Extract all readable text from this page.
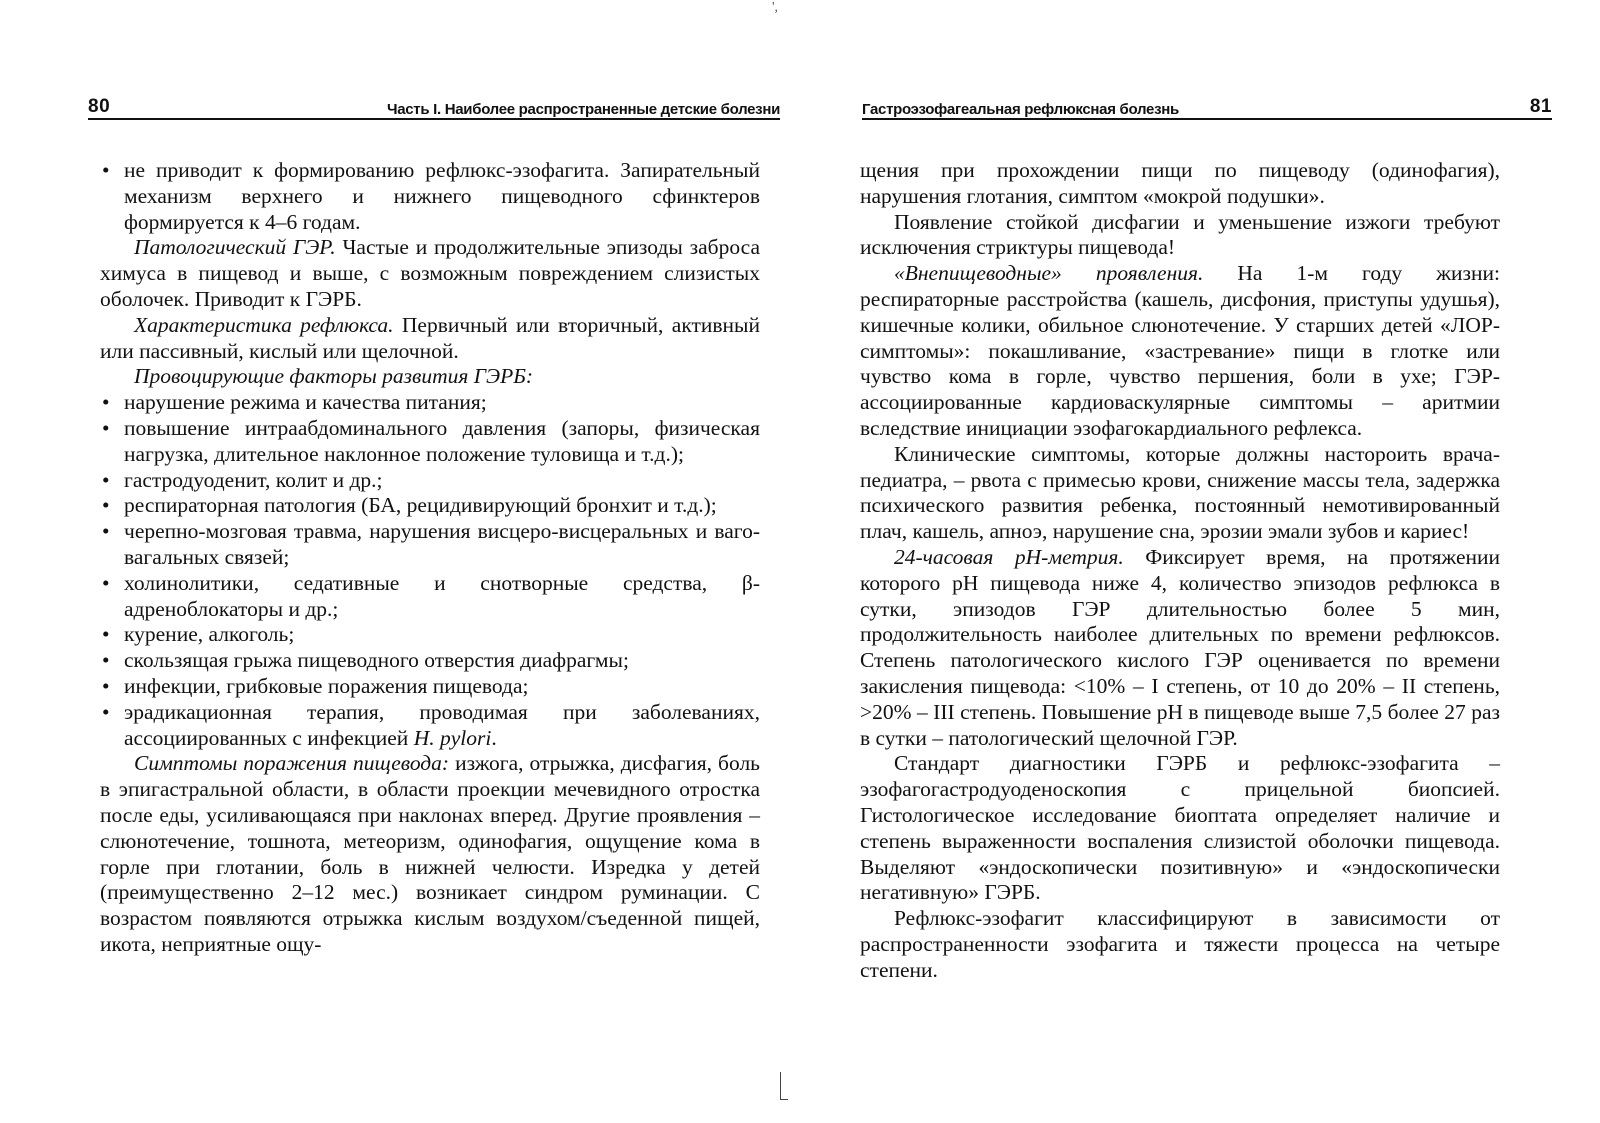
',
80	Часть I. Наиболее распространенные детские болезни
• не приводит к формированию рефлюкс-эзофагита. Запирательный механизм верхнего и нижнего пищеводного сфинктеров формируется к 4–6 годам.

Патологический ГЭР. Частые и продолжительные эпизоды заброса химуса в пищевод и выше, с возможным повреждением слизистых оболочек. Приводит к ГЭРБ.

Характеристика рефлюкса. Первичный или вторичный, активный или пассивный, кислый или щелочной.

Провоцирующие факторы развития ГЭРБ:

• нарушение режима и качества питания;
• повышение интраабдоминального давления (запоры, физическая нагрузка, длительное наклонное положение туловища и т.д.);
• гастродуоденит, колит и др.;
• респираторная патология (БА, рецидивирующий бронхит и т.д.);
• черепно-мозговая травма, нарушения висцеро-висцеральных и ваго-вагальных связей;
• холинолитики, седативные и снотворные средства, β-адреноблокаторы и др.;
• курение, алкоголь;
• скользящая грыжа пищеводного отверстия диафрагмы;
• инфекции, грибковые поражения пищевода;
• эрадикационная терапия, проводимая при заболеваниях, ассоциированных с инфекцией H. pylori.

Симптомы поражения пищевода: изжога, отрыжка, дисфагия, боль в эпигастральной области, в области проекции мечевидного отростка после еды, усиливающаяся при наклонах вперед. Другие проявления – слюнотечение, тошнота, метеоризм, одинофагия, ощущение кома в горле при глотании, боль в нижней челюсти. Изредка у детей (преимущественно 2–12 мес.) возникает синдром руминации. С возрастом появляются отрыжка кислым воздухом/съеденной пищей, икота, неприятные ощу-

Гастроэзофагеальная рефлюксная болезнь	81

щения при прохождении пищи по пищеводу (одинофагия), нарушения глотания, симптом «мокрой подушки».

Появление стойкой дисфагии и уменьшение изжоги требуют исключения стриктуры пищевода!

«Внепищеводные» проявления. На 1-м году жизни: респираторные расстройства (кашель, дисфония, приступы удушья), кишечные колики, обильное слюнотечение. У старших детей «ЛОР-симптомы»: покашливание, «застревание» пищи в глотке или чувство кома в горле, чувство першения, боли в ухе; ГЭР-ассоциированные кардиоваскулярные симптомы – аритмии вследствие инициации эзофагокардиального рефлекса.

Клинические симптомы, которые должны настороить врача-педиатра, – рвота с примесью крови, снижение массы тела, задержка психического развития ребенка, постоянный немотивированный плач, кашель, апноэ, нарушение сна, эрозии эмали зубов и кариес!

24-часовая pH-метрия. Фиксирует время, на протяжении которого pH пищевода ниже 4, количество эпизодов рефлюкса в сутки, эпизодов ГЭР длительностью более 5 мин, продолжительность наиболее длительных по времени рефлюксов. Степень патологического кислого ГЭР оценивается по времени закисления пищевода: <10% – I степень, от 10 до 20% – II степень, >20% – III степень. Повышение pH в пищеводе выше 7,5 более 27 раз в сутки – патологический щелочной ГЭР.

Стандарт диагностики ГЭРБ и рефлюкс-эзофагита – эзофагогастродуоденоскопия с прицельной биопсией. Гистологическое исследование биоптата определяет наличие и степень выраженности воспаления слизистой оболочки пищевода. Выделяют «эндоскопически позитивную» и «эндоскопически негативную» ГЭРБ.

Рефлюкс-эзофагит классифицируют в зависимости от распространенности эзофагита и тяжести процесса на четыре степени.
